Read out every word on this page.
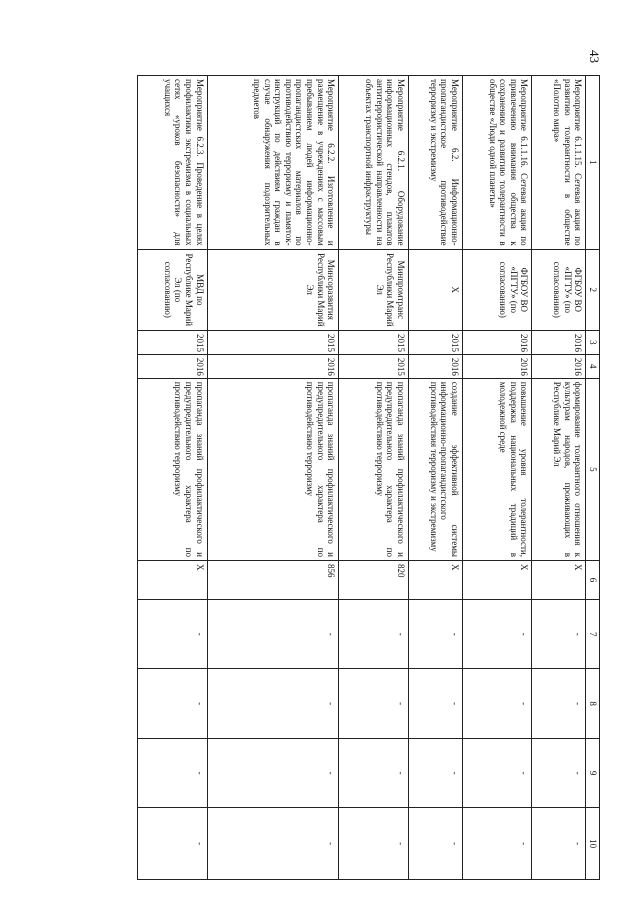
43
1	2	3	4	5	6	7	8	9	10
Мероприятие 6.1.1.15. Сетевая акция по развитию толерантности в обществе «Полотно мира»	ФГБОУ ВО «ПГТУ» (по согласованию)	2016	2016	формирование толерантного отношения к культурам народов, проживающих в Республике Марий Эл	X	-	-	-	-
Мероприятие 6.1.1.16. Сетевая акция по привлечению внимания общества к сохранению и развитию толерантности в обществе «Люди одной планеты»	ФГБОУ ВО «ПГТУ» (по согласованию)	2016	2016	повышение уровня толерантности, поддержка национальных традиций в молодежной среде	X	-	-	-	-
Мероприятие 6.2. Информационно-пропагандистское противодействие терроризму и экстремизму	X	2015	2016	создание эффективной системы информационно-пропагандистского противодействия терроризму и экстремизму	X	-	-	-	-
Мероприятие 6.2.1. Оборудование информационных стендов, плакатов антитеррористической направленности на объектах транспортной инфраструктуры	Минпромтранс Республики Марий Эл	2015	2015	пропаганда знаний профилактического и предупредительного характера по противодействию терроризму	820	-	-	-	-
Мероприятие 6.2.2. Изготовление и размещение в учреждениях с массовым пребыванием людей информационно-пропагандистских материалов по противодействию терроризму и памяток-инструкций по действиям граждан в случае обнаружения подозрительных предметов	Минсоразвития Республики Марий Эл	2015	2016	пропаганда знаний профилактического и предупредительного характера по противодействию терроризму	856	-	-	-	-
Мероприятие 6.2.3. Проведение в целях профилактики экстремизма в социальных сетях «уроков безопасности» для учащихся	МВД по Республике Марий Эл (по согласованию)	2015	2016	пропаганда знаний профилактического и предупредительного характера по противодействию терроризму	X	-	-	-	-
